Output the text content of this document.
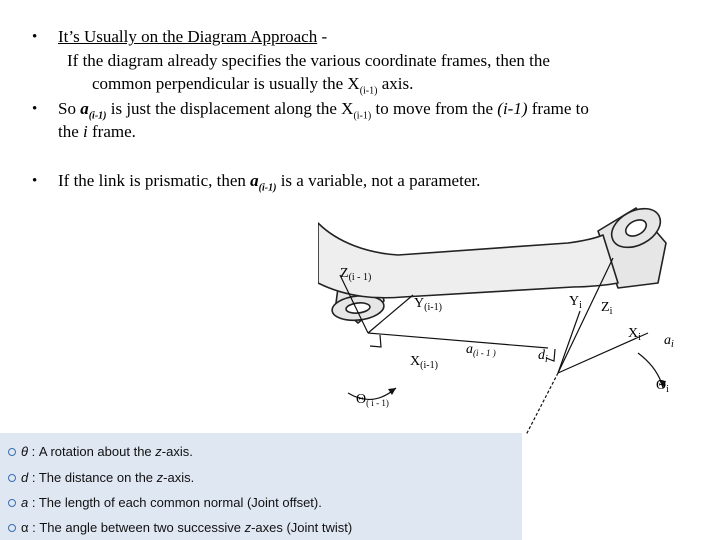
• It’s Usually on the Diagram Approach -
If the diagram already specifies the various coordinate frames, then the
common perpendicular is usually the $X_{(i-1)}$ axis.
• So $a_{(i-1)}$ is just the displacement along the $X_{(i-1)}$ to move from the (i-1) frame to
the i frame.
• If the link is prismatic, then $a_{(i-1)}$ is a variable, not a parameter.
$Z_{(i - 1)}$
$Y_{(i-1)}$
$X_{(i-1)}$
$a_{(i - 1 )}$	$d_i$
$\Theta_{( i - 1)}$
$Y_i$ $Z_i$
$X_i$ $a_i$
$\Theta_i$
θ : A rotation about the z-axis.
d : The distance on the z-axis.
a : The length of each common normal (Joint offset).
α : The angle between two successive z-axes (Joint twist)
